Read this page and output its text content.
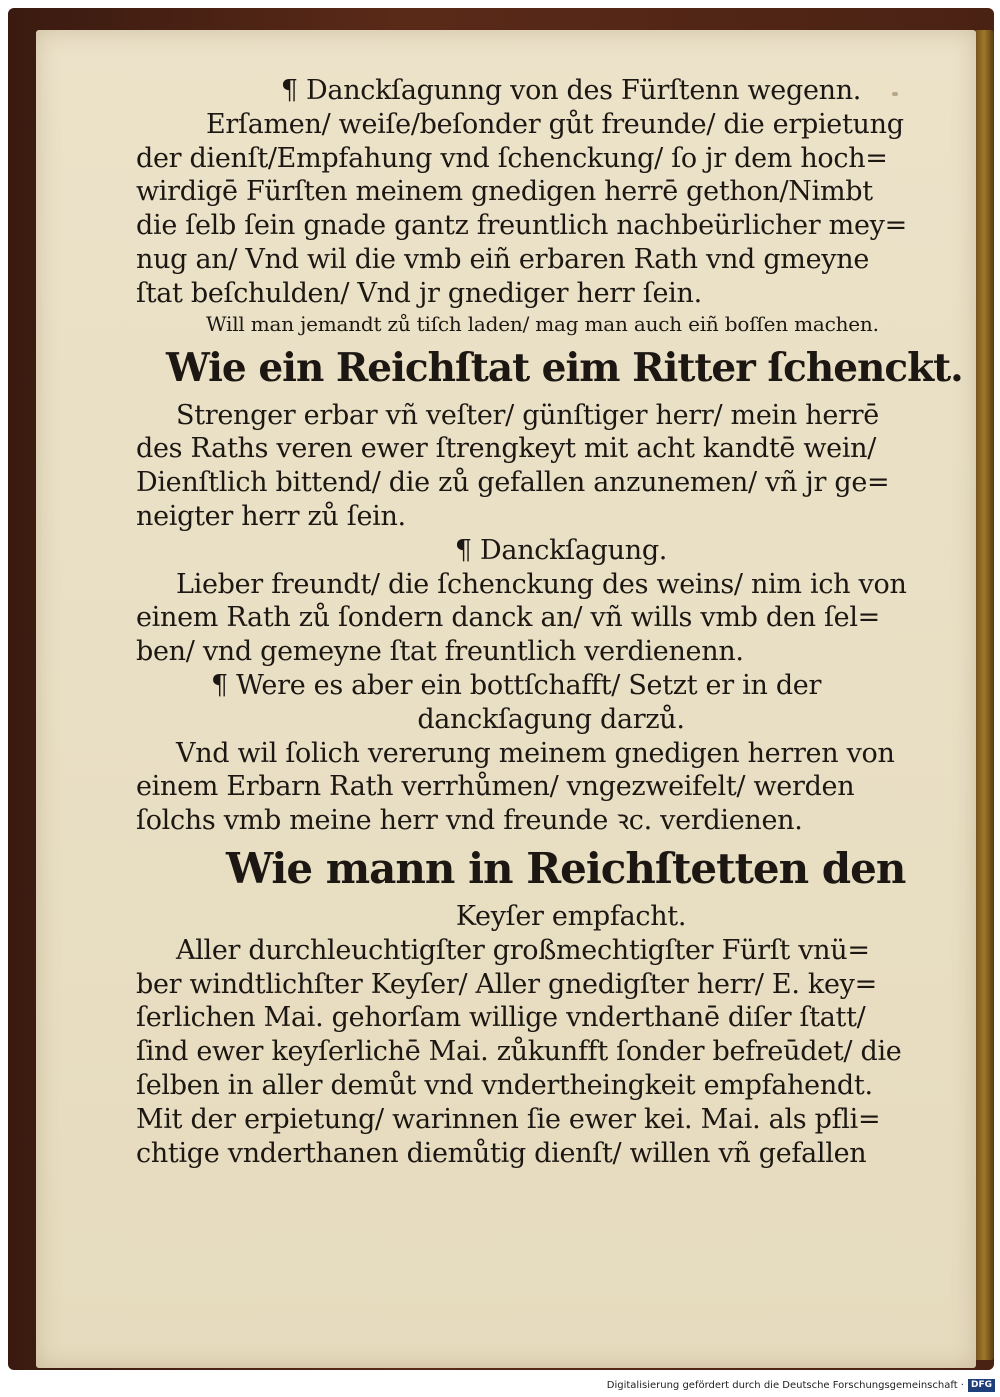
¶ Danckſagunng von des Fürſtenn wegenn.
Erſamen/ weiſe/beſonder gůt freunde/ die erpietung
der dienſt/Empfahung vnd ſchenckung/ ſo jr dem hoch=
wirdigē Fürſten meinem gnedigen herrē gethon/Nimbt
die ſelb ſein gnade gantz freuntlich nachbeürlicher mey=
nug an/ Vnd wil die vmb eiñ erbaren Rath vnd gmeyne
ſtat beſchulden/ Vnd jr gnediger herr ſein.
Will man jemandt zů tiſch laden/ mag man auch eiñ boſſen machen.
Wie ein Reichſtat eim Ritter ſchenckt.
Strenger erbar vñ veſter/ günſtiger herr/ mein herrē
des Raths veren ewer ſtrengkeyt mit acht kandtē wein/
Dienſtlich bittend/ die zů gefallen anzunemen/ vñ jr ge=
neigter herr zů ſein.
¶ Danckſagung.
Lieber freundt/ die ſchenckung des weins/ nim ich von
einem Rath zů ſondern danck an/ vñ wills vmb den ſel=
ben/ vnd gemeyne ſtat freuntlich verdienenn.
¶ Were es aber ein bottſchafft/ Setzt er in der
danckſagung darzů.
Vnd wil ſolich vererung meinem gnedigen herren von
einem Erbarn Rath verrhůmen/ vngezweifelt/ werden
ſolchs vmb meine herr vnd freunde ꝛc. verdienen.
Wie mann in Reichſtetten den
Keyſer empfacht.
Aller durchleuchtigſter großmechtigſter Fürſt vnü=
ber windtlichſter Keyſer/ Aller gnedigſter herr/ E. key=
ſerlichen Mai. gehorſam willige vnderthanē diſer ſtatt/
ſind ewer keyſerlichē Mai. zůkunfft ſonder befreūdet/ die
ſelben in aller demůt vnd vndertheingkeit empfahendt.
Mit der erpietung/ warinnen ſie ewer kei. Mai. als pfli=
chtige vnderthanen diemůtig dienſt/ willen vñ gefallen
Digitalisierung gefördert durch die Deutsche Forschungsgemeinschaft · DFG
